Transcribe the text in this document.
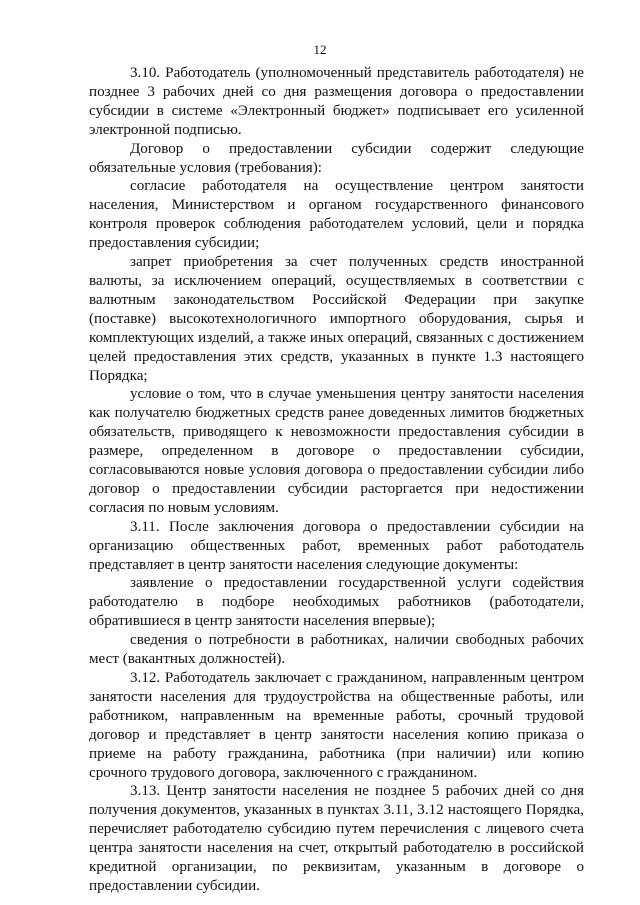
12

3.10. Работодатель (уполномоченный представитель работодателя) не позднее 3 рабочих дней со дня размещения договора о предоставлении субсидии в системе «Электронный бюджет» подписывает его усиленной электронной подписью.

Договор о предоставлении субсидии содержит следующие обязательные условия (требования):

согласие работодателя на осуществление центром занятости населения, Министерством и органом государственного финансового контроля проверок соблюдения работодателем условий, цели и порядка предоставления субсидии;

запрет приобретения за счет полученных средств иностранной валюты, за исключением операций, осуществляемых в соответствии с валютным законодательством Российской Федерации при закупке (поставке) высокотехнологичного импортного оборудования, сырья и комплектующих изделий, а также иных операций, связанных с достижением целей предоставления этих средств, указанных в пункте 1.3 настоящего Порядка;

условие о том, что в случае уменьшения центру занятости населения как получателю бюджетных средств ранее доведенных лимитов бюджетных обязательств, приводящего к невозможности предоставления субсидии в размере, определенном в договоре о предоставлении субсидии, согласовываются новые условия договора о предоставлении субсидии либо договор о предоставлении субсидии расторгается при недостижении согласия по новым условиям.

3.11. После заключения договора о предоставлении субсидии на организацию общественных работ, временных работ работодатель представляет в центр занятости населения следующие документы:

заявление о предоставлении государственной услуги содействия работодателю в подборе необходимых работников (работодатели, обратившиеся в центр занятости населения впервые);

сведения о потребности в работниках, наличии свободных рабочих мест (вакантных должностей).

3.12. Работодатель заключает с гражданином, направленным центром занятости населения для трудоустройства на общественные работы, или работником, направленным на временные работы, срочный трудовой договор и представляет в центр занятости населения копию приказа о приеме на работу гражданина, работника (при наличии) или копию срочного трудового договора, заключенного с гражданином.

3.13. Центр занятости населения не позднее 5 рабочих дней со дня получения документов, указанных в пунктах 3.11, 3.12 настоящего Порядка, перечисляет работодателю субсидию путем перечисления с лицевого счета центра занятости населения на счет, открытый работодателю в российской кредитной организации, по реквизитам, указанным в договоре о предоставлении субсидии.
